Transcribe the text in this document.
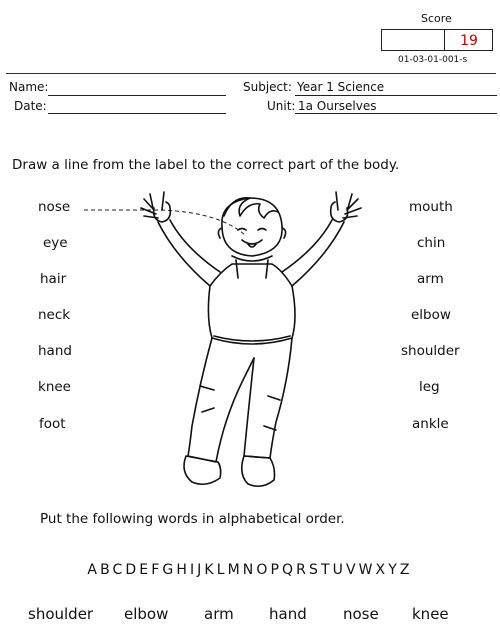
Score
19
01-03-01-001-s
Name:
Date:
Subject: Year 1 Science
Unit: 1a Ourselves
Draw a line from the label to the correct part of the body.
nose
eye
hair
neck
hand
knee
foot
mouth
chin
arm
elbow
shoulder
leg
ankle
Put the following words in alphabetical order.
ABCDEFGHIJKLMNOPQRSTUVWXYZ
shoulder elbow arm hand nose knee
